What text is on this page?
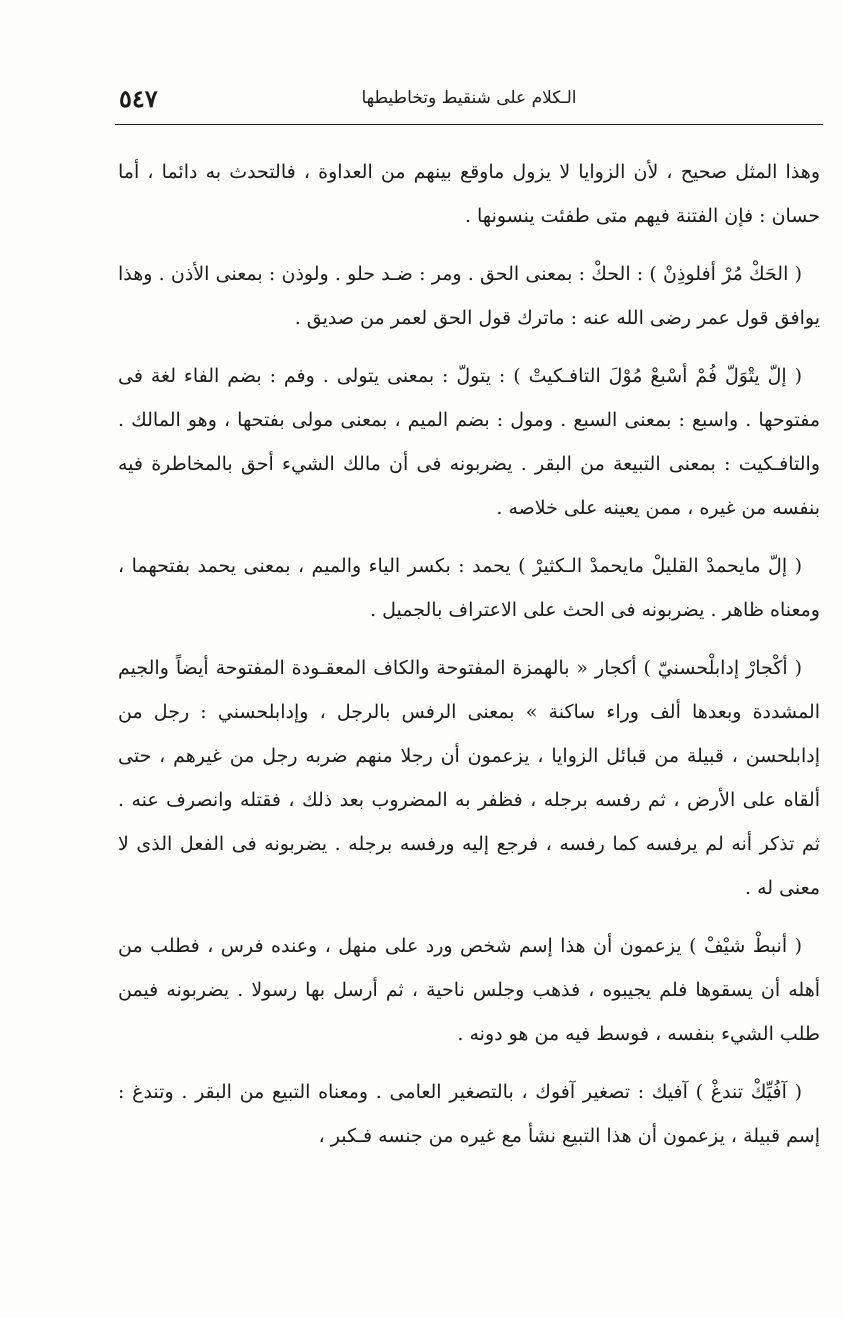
الـكلام على شنقيط وتخاطيطها
٥٤٧

وهذا المثل صحيح ، لأن الزوايا لا يزول ماوقع بينهم من العداوة ، فالتحدث به دائما ، أما حسان : فإن الفتنة فيهم متى طفئت ينسونها .

( الحَكْ مُرْ أفلوذِنْ ) : الحكْ : بمعنى الحق . ومر : ضـد حلو . ولوذن : بمعنى الأذن . وهذا يوافق قول عمر رضى الله عنه : ماترك قول الحق لعمر من صديق .

( إلّ يتْوَلّ فُمْ أسْبعْ مُوْلَ التافـكيتْ ) : يتولّ : بمعنى يتولى . وفم : بضم الفاء لغة فى مفتوحها . واسبع : بمعنى السبع . ومول : بضم الميم ، بمعنى مولى بفتحها ، وهو المالك . والتافـكيت : بمعنى التبيعة من البقر . يضربونه فى أن مالك الشيء أحق بالمخاطرة فيه بنفسه من غيره ، ممن يعينه على خلاصه .

( إلّ مايحمدْ القليلْ مايحمدْ الـكثيرْ ) يحمد : بكسر الياء والميم ، بمعنى يحمد بفتحهما ، ومعناه ظاهر . يضربونه فى الحث على الاعتراف بالجميل .

( أكْجارْ إدابلْحسنيّ ) أكجار « بالهمزة المفتوحة والكاف المعقـودة المفتوحة أيضاً والجيم المشددة وبعدها ألف وراء ساكنة » بمعنى الرفس بالرجل ، وإدابلحسني : رجل من إدابلحسن ، قبيلة من قبائل الزوايا ، يزعمون أن رجلا منهم ضربه رجل من غيرهم ، حتى ألقاه على الأرض ، ثم رفسه برجله ، فظفر به المضروب بعد ذلك ، فقتله وانصرف عنه . ثم تذكر أنه لم يرفسه كما رفسه ، فرجع إليه ورفسه برجله . يضربونه فى الفعل الذى لا معنى له .

( أنبطْ شيْفْ ) يزعمون أن هذا إسم شخص ورد على منهل ، وعنده فرس ، فطلب من أهله أن يسقوها فلم يجيبوه ، فذهب وجلس ناحية ، ثم أرسل بها رسولا . يضربونه فيمن طلب الشيء بنفسه ، فوسط فيه من هو دونه .

( آفُيِّكْ تندغْ ) آفيك : تصغير آفوك ، بالتصغير العامى . ومعناه التبيع من البقر . وتندغ : إسم قبيلة ، يزعمون أن هذا التبيع نشأ مع غيره من جنسه فـكبر ،
